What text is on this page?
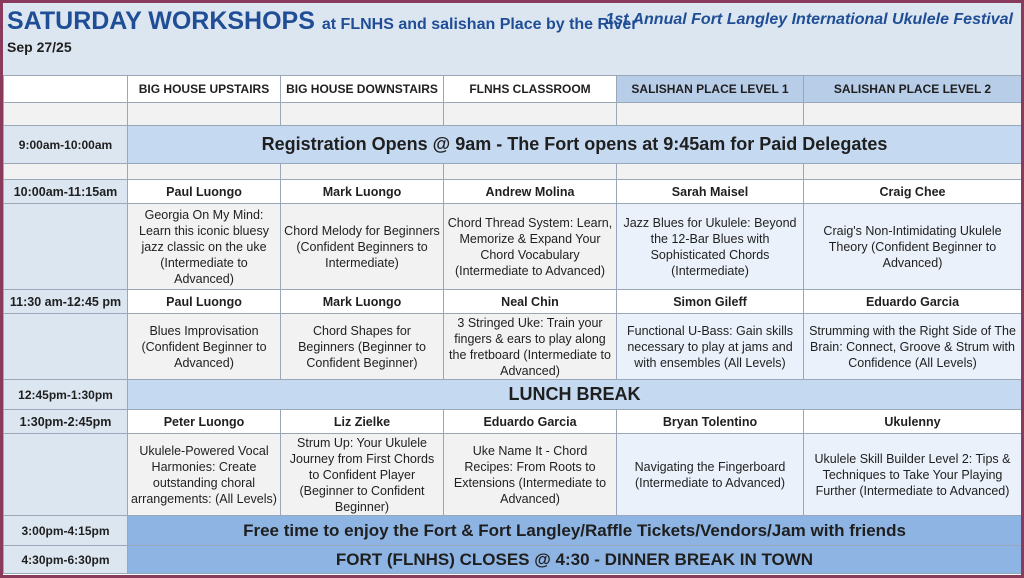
SATURDAY WORKSHOPS at FLNHS and salishan Place by the River
1st Annual Fort Langley International Ukulele Festival
Sep 27/25
	BIG HOUSE UPSTAIRS	BIG HOUSE DOWNSTAIRS	FLNHS CLASSROOM	SALISHAN PLACE LEVEL 1	SALISHAN PLACE LEVEL 2

9:00am-10:00am	Registration Opens @ 9am - The Fort opens at 9:45am for Paid Delegates				

10:00am-11:15am	Paul Luongo	Mark Luongo	Andrew Molina	Sarah Maisel	Craig Chee
	Georgia On My Mind: Learn this iconic bluesy jazz classic on the uke (Intermediate to Advanced)	Chord Melody for Beginners (Confident Beginners to Intermediate)	Chord Thread System: Learn, Memorize & Expand Your Chord Vocabulary (Intermediate to Advanced)	Jazz Blues for Ukulele: Beyond the 12-Bar Blues with Sophisticated Chords (Intermediate)	Craig's Non-Intimidating Ukulele Theory (Confident Beginner to Advanced)
11:30 am-12:45 pm	Paul Luongo	Mark Luongo	Neal Chin	Simon Gileff	Eduardo Garcia
	Blues Improvisation (Confident Beginner to Advanced)	Chord Shapes for Beginners (Beginner to Confident Beginner)	3 Stringed Uke: Train your fingers & ears to play along the fretboard (Intermediate to Advanced)	Functional U-Bass: Gain skills necessary to play at jams and with ensembles (All Levels)	Strumming with the Right Side of The Brain: Connect, Groove & Strum with Confidence (All Levels)
12:45pm-1:30pm	LUNCH BREAK				
1:30pm-2:45pm	Peter Luongo	Liz Zielke	Eduardo Garcia	Bryan Tolentino	Ukulenny
	Ukulele-Powered Vocal Harmonies: Create outstanding choral arrangements: (All Levels)	Strum Up: Your Ukulele Journey from First Chords to Confident Player (Beginner to Confident Beginner)	Uke Name It - Chord Recipes: From Roots to Extensions (Intermediate to Advanced)	Navigating the Fingerboard (Intermediate to Advanced)	Ukulele Skill Builder Level 2: Tips & Techniques to Take Your Playing Further (Intermediate to Advanced)
3:00pm-4:15pm	Free time to enjoy the Fort & Fort Langley/Raffle Tickets/Vendors/Jam with friends				
4:30pm-6:30pm	FORT (FLNHS) CLOSES @ 4:30 - DINNER BREAK IN TOWN				
